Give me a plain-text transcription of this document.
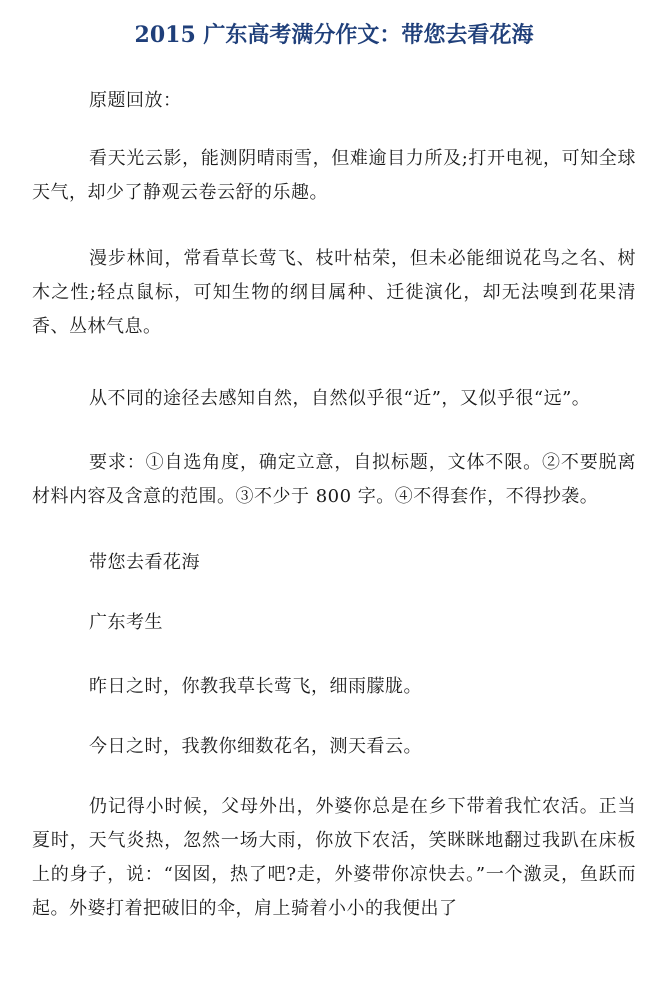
2015 广东高考满分作文：带您去看花海

原题回放：

看天光云影，能测阴晴雨雪，但难逾目力所及;打开电视，可知全球天气，却少了静观云卷云舒的乐趣。

漫步林间，常看草长莺飞、枝叶枯荣，但未必能细说花鸟之名、树木之性;轻点鼠标，可知生物的纲目属种、迁徙演化，却无法嗅到花果清香、丛林气息。

从不同的途径去感知自然，自然似乎很“近”，又似乎很“远”。

要求：①自选角度，确定立意，自拟标题，文体不限。②不要脱离材料内容及含意的范围。③不少于 800 字。④不得套作，不得抄袭。

带您去看花海

广东考生

昨日之时，你教我草长莺飞，细雨朦胧。

今日之时，我教你细数花名，测天看云。

仍记得小时候，父母外出，外婆你总是在乡下带着我忙农活。正当夏时，天气炎热，忽然一场大雨，你放下农活，笑眯眯地翻过我趴在床板上的身子，说：“囡囡，热了吧?走，外婆带你凉快去。”一个激灵，鱼跃而起。外婆打着把破旧的伞，肩上骑着小小的我便出了
